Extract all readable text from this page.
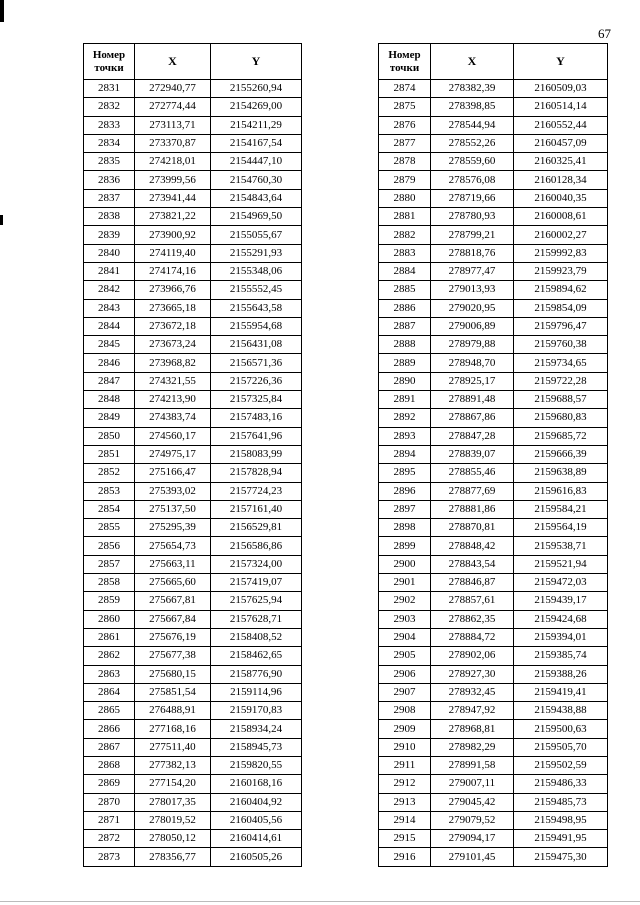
67
Номер
точки	X	Y
2831	272940,77	2155260,94
2832	272774,44	2154269,00
2833	273113,71	2154211,29
2834	273370,87	2154167,54
2835	274218,01	2154447,10
2836	273999,56	2154760,30
2837	273941,44	2154843,64
2838	273821,22	2154969,50
2839	273900,92	2155055,67
2840	274119,40	2155291,93
2841	274174,16	2155348,06
2842	273966,76	2155552,45
2843	273665,18	2155643,58
2844	273672,18	2155954,68
2845	273673,24	2156431,08
2846	273968,82	2156571,36
2847	274321,55	2157226,36
2848	274213,90	2157325,84
2849	274383,74	2157483,16
2850	274560,17	2157641,96
2851	274975,17	2158083,99
2852	275166,47	2157828,94
2853	275393,02	2157724,23
2854	275137,50	2157161,40
2855	275295,39	2156529,81
2856	275654,73	2156586,86
2857	275663,11	2157324,00
2858	275665,60	2157419,07
2859	275667,81	2157625,94
2860	275667,84	2157628,71
2861	275676,19	2158408,52
2862	275677,38	2158462,65
2863	275680,15	2158776,90
2864	275851,54	2159114,96
2865	276488,91	2159170,83
2866	277168,16	2158934,24
2867	277511,40	2158945,73
2868	277382,13	2159820,55
2869	277154,20	2160168,16
2870	278017,35	2160404,92
2871	278019,52	2160405,56
2872	278050,12	2160414,61
2873	278356,77	2160505,26
Номер
точки	X	Y
2874	278382,39	2160509,03
2875	278398,85	2160514,14
2876	278544,94	2160552,44
2877	278552,26	2160457,09
2878	278559,60	2160325,41
2879	278576,08	2160128,34
2880	278719,66	2160040,35
2881	278780,93	2160008,61
2882	278799,21	2160002,27
2883	278818,76	2159992,83
2884	278977,47	2159923,79
2885	279013,93	2159894,62
2886	279020,95	2159854,09
2887	279006,89	2159796,47
2888	278979,88	2159760,38
2889	278948,70	2159734,65
2890	278925,17	2159722,28
2891	278891,48	2159688,57
2892	278867,86	2159680,83
2893	278847,28	2159685,72
2894	278839,07	2159666,39
2895	278855,46	2159638,89
2896	278877,69	2159616,83
2897	278881,86	2159584,21
2898	278870,81	2159564,19
2899	278848,42	2159538,71
2900	278843,54	2159521,94
2901	278846,87	2159472,03
2902	278857,61	2159439,17
2903	278862,35	2159424,68
2904	278884,72	2159394,01
2905	278902,06	2159385,74
2906	278927,30	2159388,26
2907	278932,45	2159419,41
2908	278947,92	2159438,88
2909	278968,81	2159500,63
2910	278982,29	2159505,70
2911	278991,58	2159502,59
2912	279007,11	2159486,33
2913	279045,42	2159485,73
2914	279079,52	2159498,95
2915	279094,17	2159491,95
2916	279101,45	2159475,30
